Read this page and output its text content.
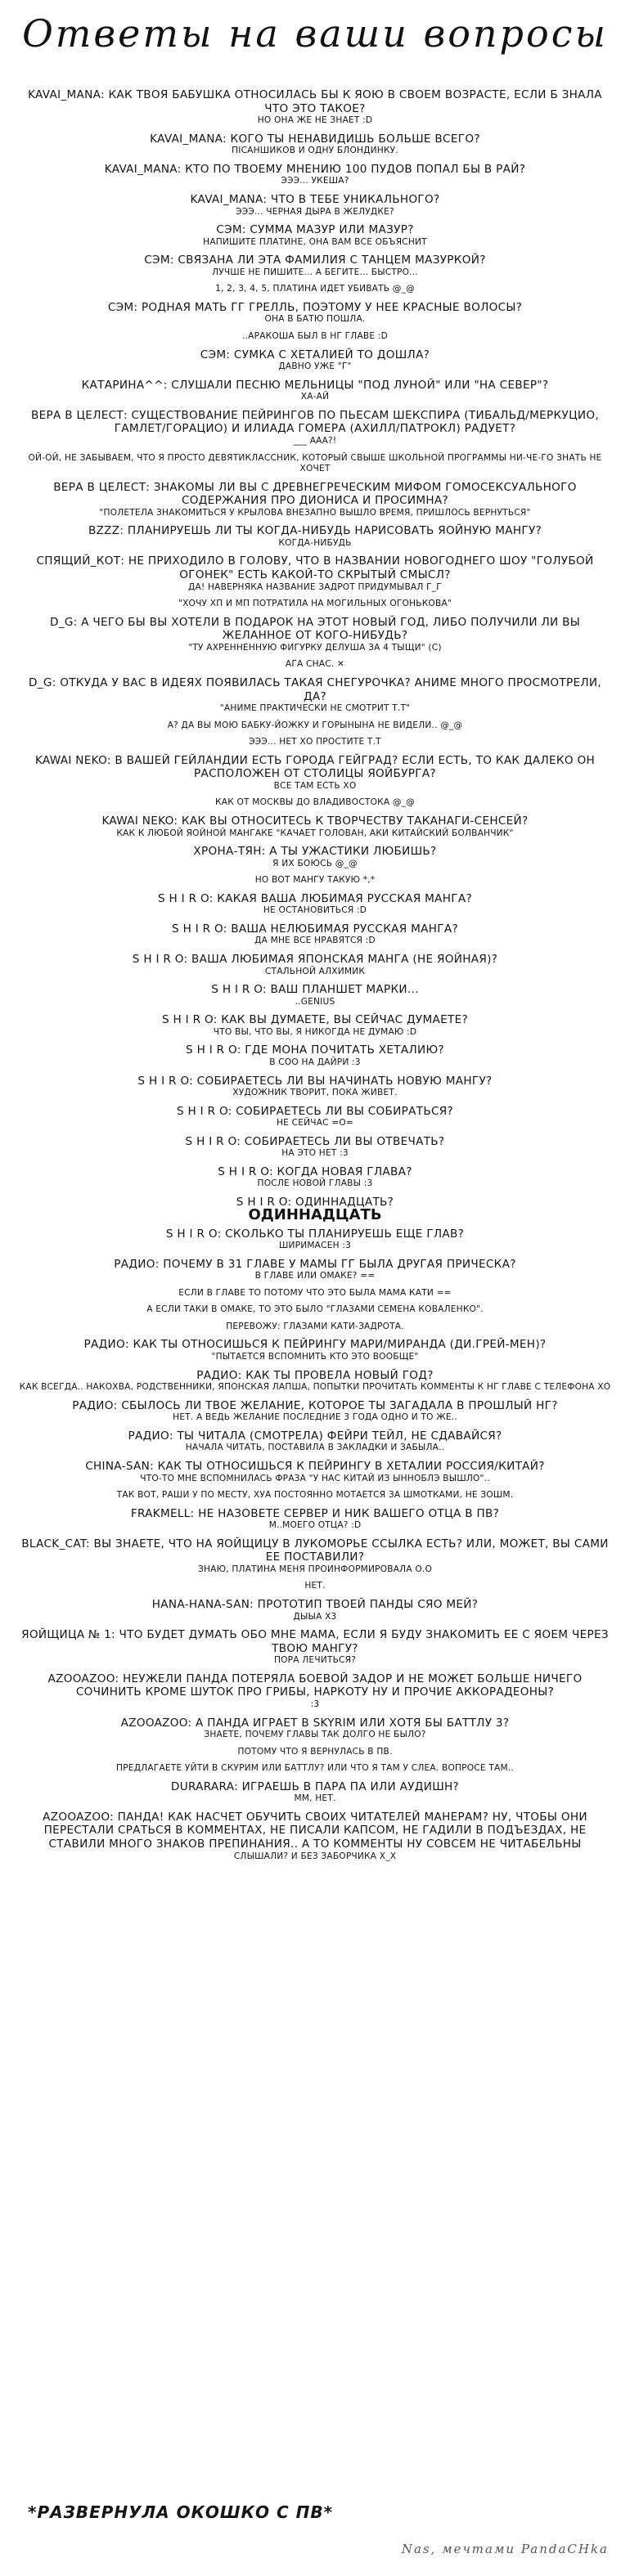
Ответы на ваши вопросы

KAVAI_MANA: КАК ТВОЯ БАБУШКА ОТНОСИЛАСЬ БЫ К ЯОЮ В СВОЕМ ВОЗРАСТЕ, ЕСЛИ Б ЗНАЛА ЧТО ЭТО ТАКОЕ?

НО ОНА ЖЕ НЕ ЗНАЕТ :D

KAVAI_MANA: КОГО ТЫ НЕНАВИДИШЬ БОЛЬШЕ ВСЕГО?

ПІСАНШИКОВ И ОДНУ БЛОНДИНКУ.

KAVAI_MANA: КТО ПО ТВОЕМУ МНЕНИЮ 100 ПУДОВ ПОПАЛ БЫ В РАЙ?

ЭЭЭ... УКЕША?

KAVAI_MANA: ЧТО В ТЕБЕ УНИКАЛЬНОГО?

ЭЭЭ... ЧЕРНАЯ ДЫРА В ЖЕЛУДКЕ?

СЭМ: СУММА МАЗУР ИЛИ МАЗУР?

НАПИШИТЕ ПЛАТИНЕ, ОНА ВАМ ВСЕ ОБЪЯСНИТ

СЭМ: СВЯЗАНА ЛИ ЭТА ФАМИЛИЯ С ТАНЦЕМ МАЗУРКОЙ?

ЛУЧШЕ НЕ ПИШИТЕ... А БЕГИТЕ... БЫСТРО...

1, 2, 3, 4, 5, ПЛАТИНА ИДЕТ УБИВАТЬ @_@

СЭМ: РОДНАЯ МАТЬ ГГ ГРЕЛЛЬ, ПОЭТОМУ У НЕЕ КРАСНЫЕ ВОЛОСЫ?

ОНА В БАТЮ ПОШЛА.

..АРАКОША БЫЛ В НГ ГЛАВЕ :D

СЭМ: СУМКА С ХЕТАЛИЕЙ ТО ДОШЛА?

ДАВНО УЖЕ "Г"

КАТАРИНА^^: СЛУШАЛИ ПЕСНЮ МЕЛЬНИЦЫ "ПОД ЛУНОЙ" ИЛИ "НА СЕВЕР"?

ХА-АЙ

ВЕРА В ЦЕЛЕСТ: СУЩЕСТВОВАНИЕ ПЕЙРИНГОВ ПО ПЬЕСАМ ШЕКСПИРА (ТИБАЛЬД/МЕРКУЦИО, ГАМЛЕТ/ГОРАЦИО) И ИЛИАДА ГОМЕРА (АХИЛЛ/ПАТРОКЛ) РАДУЕТ?

___ ААА?!

ОЙ-ОЙ, НЕ ЗАБЫВАЕМ, ЧТО Я ПРОСТО ДЕВЯТИКЛАССНИК, КОТОРЫЙ СВЫШЕ ШКОЛЬНОЙ ПРОГРАММЫ НИ-ЧЕ-ГО ЗНАТЬ НЕ ХОЧЕТ

ВЕРА В ЦЕЛЕСТ: ЗНАКОМЫ ЛИ ВЫ С ДРЕВНЕГРЕЧЕСКИМ МИФОМ ГОМОСЕКСУАЛЬНОГО СОДЕРЖАНИЯ ПРО ДИОНИСА И ПРОСИМНА?

"ПОЛЕТЕЛА ЗНАКОМИТЬСЯ У КРЫЛОВА ВНЕЗАПНО ВЫШЛО ВРЕМЯ, ПРИШЛОСЬ ВЕРНУТЬСЯ"

BZZZ: ПЛАНИРУЕШЬ ЛИ ТЫ КОГДА-НИБУДЬ НАРИСОВАТЬ ЯОЙНУЮ МАНГУ?

КОГДА-НИБУДЬ

СПЯЩИЙ_КОТ: НЕ ПРИХОДИЛО В ГОЛОВУ, ЧТО В НАЗВАНИИ НОВОГОДНЕГО ШОУ "ГОЛУБОЙ ОГОНЕК" ЕСТЬ КАКОЙ-ТО СКРЫТЫЙ СМЫСЛ?

ДА! НАВЕРНЯКА НАЗВАНИЕ ЗАДРОТ ПРИДУМЫВАЛ Г_Г

"ХОЧУ ХП И МП ПОТРАТИЛА НА МОГИЛЬНЫХ ОГОНЬКОВА"

D_G: А ЧЕГО БЫ ВЫ ХОТЕЛИ В ПОДАРОК НА ЭТОТ НОВЫЙ ГОД, ЛИБО ПОЛУЧИЛИ ЛИ ВЫ ЖЕЛАННОЕ ОТ КОГО-НИБУДЬ?

"ТУ АХРЕННЕННУЮ ФИГУРКУ ДЕЛУША ЗА 4 ТЫЩИ" (С)

АГА СНАС. ✕

D_G: ОТКУДА У ВАС В ИДЕЯХ ПОЯВИЛАСЬ ТАКАЯ СНЕГУРОЧКА? АНИМЕ МНОГО ПРОСМОТРЕЛИ, ДА?

"АНИМЕ ПРАКТИЧЕСКИ НЕ СМОТРИТ Т.Т"

А? ДА ВЫ МОЮ БАБКУ-ЙОЖКУ И ГОРЫНЫНА НЕ ВИДЕЛИ.. @_@

ЭЭЭ... НЕТ ХО ПРОСТИТЕ Т.Т

KAWAI NEKO: В ВАШЕЙ ГЕЙЛАНДИИ ЕСТЬ ГОРОДА ГЕЙГРАД? ЕСЛИ ЕСТЬ, ТО КАК ДАЛЕКО ОН РАСПОЛОЖЕН ОТ СТОЛИЦЫ ЯОЙБУРГА?

ВСЕ ТАМ ЕСТЬ ХО

КАК ОТ МОСКВЫ ДО ВЛАДИВОСТОКА @_@

KAWAI NEKO: КАК ВЫ ОТНОСИТЕСЬ К ТВОРЧЕСТВУ ТАКАНАГИ-СЕНСЕЙ?

КАК К ЛЮБОЙ ЯОЙНОЙ МАНГАКЕ "КАЧАЕТ ГОЛОВАН, АКИ КИТАЙСКИЙ БОЛВАНЧИК"

ХРОНА-ТЯН: А ТЫ УЖАСТИКИ ЛЮБИШЬ?

Я ИХ БОЮСЬ @_@

НО ВОТ МАНГУ ТАКУЮ *,*

S H I R O: КАКАЯ ВАША ЛЮБИМАЯ РУССКАЯ МАНГА?

НЕ ОСТАНОВИТЬСЯ :D

S H I R O: ВАША НЕЛЮБИМАЯ РУССКАЯ МАНГА?

ДА МНЕ ВСЕ НРАВЯТСЯ :D

S H I R O: ВАША ЛЮБИМАЯ ЯПОНСКАЯ МАНГА (НЕ ЯОЙНАЯ)?

СТАЛЬНОЙ АЛХИМИК

S H I R O: ВАШ ПЛАНШЕТ МАРКИ...

..GENIUS

S H I R O: КАК ВЫ ДУМАЕТЕ, ВЫ СЕЙЧАС ДУМАЕТЕ?

ЧТО ВЫ, ЧТО ВЫ, Я НИКОГДА НЕ ДУМАЮ :D

S H I R O: ГДЕ МОНА ПОЧИТАТЬ ХЕТАЛИЮ?

В СОО НА ДАЙРИ :3

S H I R O: СОБИРАЕТЕСЬ ЛИ ВЫ НАЧИНАТЬ НОВУЮ МАНГУ?

ХУДОЖНИК ТВОРИТ, ПОКА ЖИВЕТ.

S H I R O: СОБИРАЕТЕСЬ ЛИ ВЫ СОБИРАТЬСЯ?

НЕ СЕЙЧАС =О=

S H I R O: СОБИРАЕТЕСЬ ЛИ ВЫ ОТВЕЧАТЬ?

НА ЭТО НЕТ :3

S H I R O: КОГДА НОВАЯ ГЛАВА?

ПОСЛЕ НОВОЙ ГЛАВЫ :3

S H I R O: ОДИННАДЦАТЬ?

ОДИННАДЦАТЬ

S H I R O: СКОЛЬКО ТЫ ПЛАНИРУЕШЬ ЕЩЕ ГЛАВ?

ШИРИМАСЕН :3

РАДИО: ПОЧЕМУ В 31 ГЛАВЕ У МАМЫ ГГ БЫЛА ДРУГАЯ ПРИЧЕСКА?

В ГЛАВЕ ИЛИ ОМАКЕ? ==

ЕСЛИ В ГЛАВЕ ТО ПОТОМУ ЧТО ЭТО БЫЛА МАМА КАТИ ==

А ЕСЛИ ТАКИ В ОМАКЕ, ТО ЭТО БЫЛО "ГЛАЗАМИ СЕМЕНА КОВАЛЕНКО".

ПЕРЕВОЖУ: ГЛАЗАМИ КАТИ-ЗАДРОТА.

РАДИО: КАК ТЫ ОТНОСИШЬСЯ К ПЕЙРИНГУ МАРИ/МИРАНДА (ДИ.ГРЕЙ-МЕН)?

"ПЫТАЕТСЯ ВСПОМНИТЬ КТО ЭТО ВООБЩЕ"

РАДИО: КАК ТЫ ПРОВЕЛА НОВЫЙ ГОД?

КАК ВСЕГДА.. НАКОХВА, РОДСТВЕННИКИ, ЯПОНСКАЯ ЛАПША, ПОПЫТКИ ПРОЧИТАТЬ КОММЕНТЫ К НГ ГЛАВЕ С ТЕЛЕФОНА ХО

РАДИО: СБЫЛОСЬ ЛИ ТВОЕ ЖЕЛАНИЕ, КОТОРОЕ ТЫ ЗАГАДАЛА В ПРОШЛЫЙ НГ?

НЕТ. А ВЕДЬ ЖЕЛАНИЕ ПОСЛЕДНИЕ 3 ГОДА ОДНО И ТО ЖЕ..

РАДИО: ТЫ ЧИТАЛА (СМОТРЕЛА) ФЕЙРИ ТЕЙЛ, НЕ СДАВАЙСЯ?

НАЧАЛА ЧИТАТЬ, ПОСТАВИЛА В ЗАКЛАДКИ И ЗАБЫЛА..

CHINA-SAN: КАК ТЫ ОТНОСИШЬСЯ К ПЕЙРИНГУ В ХЕТАЛИИ РОССИЯ/КИТАЙ?

ЧТО-ТО МНЕ ВСПОМНИЛАСЬ ФРАЗА "У НАС КИТАЙ ИЗ ЫННОБЛЭ ВЫШЛО"..

ТАК ВОТ, РАШИ У ПО МЕСТУ, ХУА ПОСТОЯННО МОТАЕТСЯ ЗА ШМОТКАМИ, НЕ ЗОШМ.

FRAKMELL: НЕ НАЗОВЕТЕ СЕРВЕР И НИК ВАШЕГО ОТЦА В ПВ?

М..МОЕГО ОТЦА? :D

BLACK_CAT: ВЫ ЗНАЕТЕ, ЧТО НА ЯОЙЩИЦУ В ЛУКОМОРЬЕ ССЫЛКА ЕСТЬ? ИЛИ, МОЖЕТ, ВЫ САМИ ЕЕ ПОСТАВИЛИ?

ЗНАЮ, ПЛАТИНА МЕНЯ ПРОИНФОРМИРОВАЛА О.О

НЕТ.

HANA-HANA-SAN: ПРОТОТИП ТВОЕЙ ПАНДЫ СЯО МЕЙ?

ДЫЫА Х3

ЯОЙЩИЦА № 1: ЧТО БУДЕТ ДУМАТЬ ОБО МНЕ МАМА, ЕСЛИ Я БУДУ ЗНАКОМИТЬ ЕЕ С ЯОЕМ ЧЕРЕЗ ТВОЮ МАНГУ?

ПОРА ЛЕЧИТЬСЯ?

AZOOAZOO: НЕУЖЕЛИ ПАНДА ПОТЕРЯЛА БОЕВОЙ ЗАДОР И НЕ МОЖЕТ БОЛЬШЕ НИЧЕГО СОЧИНИТЬ КРОМЕ ШУТОК ПРО ГРИБЫ, НАРКОТУ НУ И ПРОЧИЕ АККОРАДЕОНЫ?

:3

AZOOAZOO: А ПАНДА ИГРАЕТ В SKYRIM ИЛИ ХОТЯ БЫ БАТТЛУ 3?

ЗНАЕТЕ, ПОЧЕМУ ГЛАВЫ ТАК ДОЛГО НЕ БЫЛО?

ПОТОМУ ЧТО Я ВЕРНУЛАСЬ В ПВ.

ПРЕДЛАГАЕТЕ УЙТИ В СКУРИМ ИЛИ БАТТЛУ? ИЛИ ЧТО Я ТАМ У СЛЕА. ВОПРОСЕ ТАМ..

DURARARA: ИГРАЕШЬ В ПАРА ПА ИЛИ АУДИШН?

ММ, НЕТ.

AZOOAZOO: ПАНДА! КАК НАСЧЕТ ОБУЧИТЬ СВОИХ ЧИТАТЕЛЕЙ МАНЕРАМ? НУ, ЧТОБЫ ОНИ ПЕРЕСТАЛИ СРАТЬСЯ В КОММЕНТАХ, НЕ ПИСАЛИ КАПСОМ, НЕ ГАДИЛИ В ПОДЪЕЗДАХ, НЕ СТАВИЛИ МНОГО ЗНАКОВ ПРЕПИНАНИЯ.. А ТО КОММЕНТЫ НУ СОВСЕМ НЕ ЧИТАБЕЛЬНЫ

СЛЫШАЛИ? И БЕЗ ЗАБОРЧИКА Х_Х

*РАЗВЕРНУЛА ОКОШКО С ПВ*
Nas, мечтами PandaCHka
